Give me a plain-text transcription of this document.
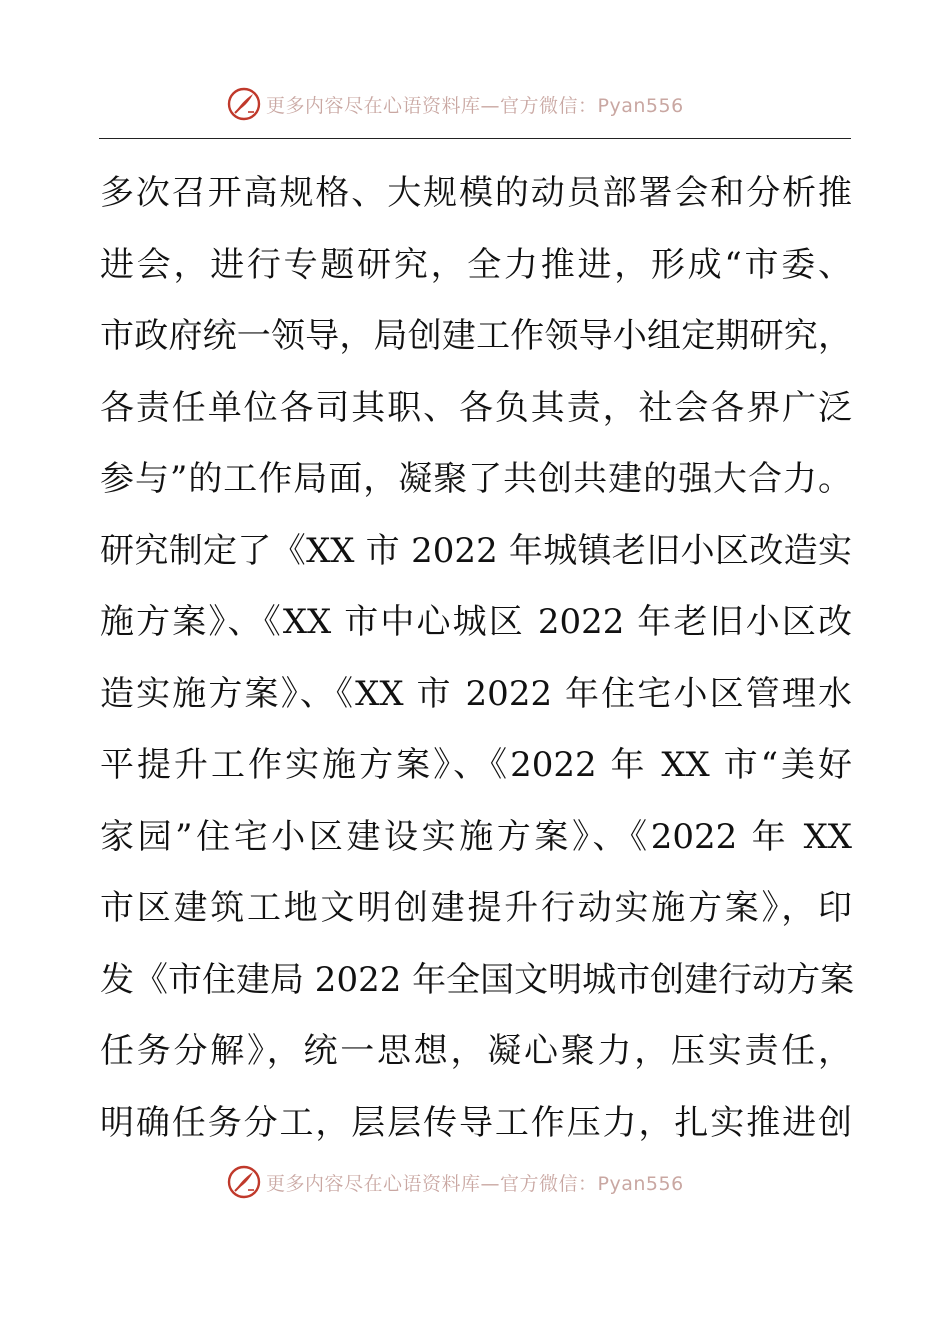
更多内容尽在心语资料库—官方微信：Pyan556
多次召开高规格、大规模的动员部署会和分析推
进会，进行专题研究，全力推进，形成“市委、
市政府统一领导，局创建工作领导小组定期研究，
各责任单位各司其职、各负其责，社会各界广泛
参与”的工作局面，凝聚了共创共建的强大合力。
研究制定了《XX 市 2022 年城镇老旧小区改造实
施方案》、《XX 市中心城区 2022 年老旧小区改
造实施方案》、《XX 市 2022 年住宅小区管理水
平提升工作实施方案》、《2022 年 XX 市“美好
家园”住宅小区建设实施方案》、《2022 年 XX
市区建筑工地文明创建提升行动实施方案》，印
发《市住建局 2022 年全国文明城市创建行动方案
任务分解》，统一思想，凝心聚力，压实责任，
明确任务分工，层层传导工作压力，扎实推进创
更多内容尽在心语资料库—官方微信：Pyan556
